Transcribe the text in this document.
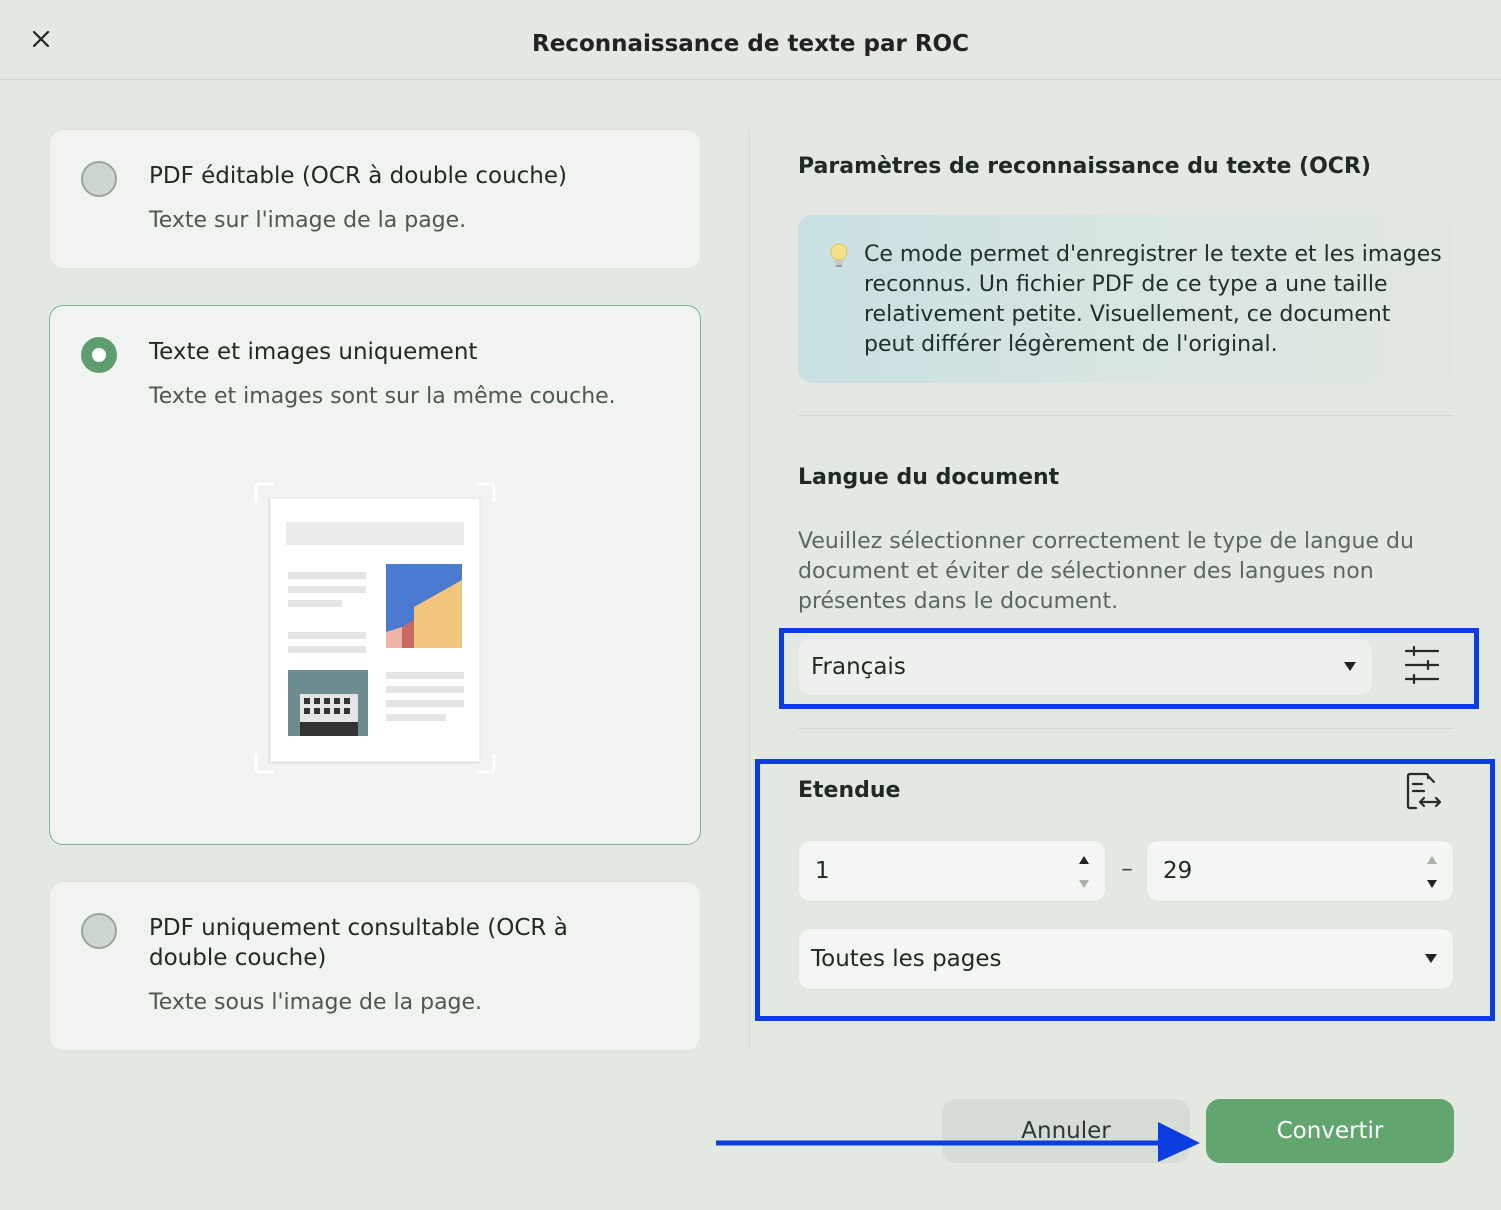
Reconnaissance de texte par ROC
PDF éditable (OCR à double couche)
Texte sur l'image de la page.
Texte et images uniquement
Texte et images sont sur la même couche.
PDF uniquement consultable (OCR à double couche)
Texte sous l'image de la page.
Paramètres de reconnaissance du texte (OCR)
Ce mode permet d'enregistrer le texte et les images reconnus. Un fichier PDF de ce type a une taille relativement petite. Visuellement, ce document peut différer légèrement de l'original.
Langue du document
Veuillez sélectionner correctement le type de langue du document et éviter de sélectionner des langues non présentes dans le document.
Français
Etendue
1	– 29
Toutes les pages
Annuler	Convertir
